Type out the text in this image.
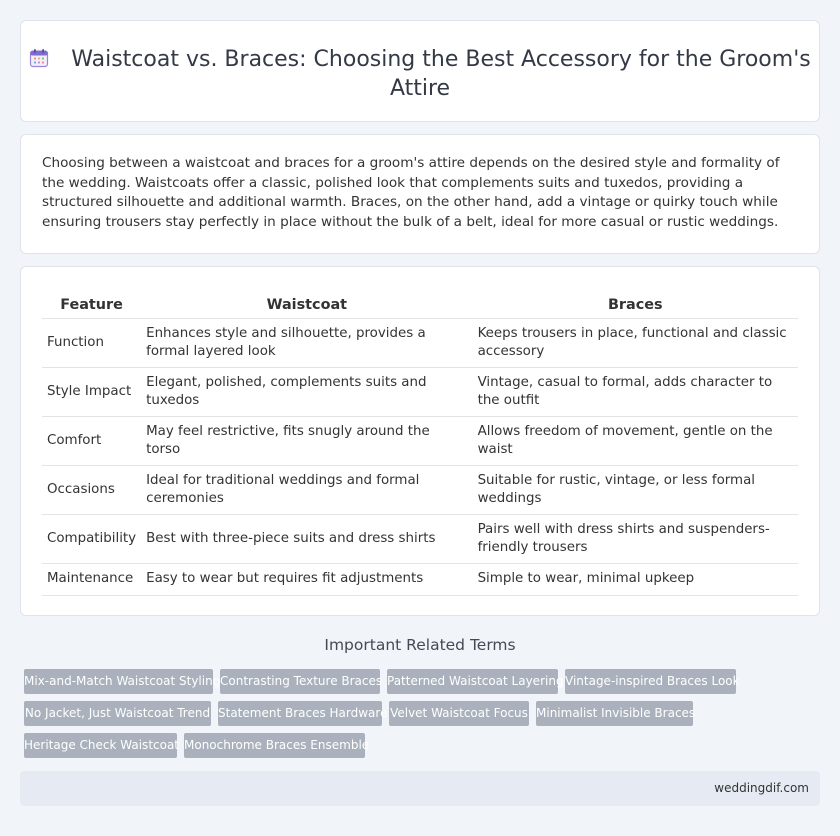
Waistcoat vs. Braces: Choosing the Best Accessory for the Groom's Attire

Choosing between a waistcoat and braces for a groom's attire depends on the desired style and formality of the wedding. Waistcoats offer a classic, polished look that complements suits and tuxedos, providing a structured silhouette and additional warmth. Braces, on the other hand, add a vintage or quirky touch while ensuring trousers stay perfectly in place without the bulk of a belt, ideal for more casual or rustic weddings.

Feature	Waistcoat	Braces
Function	Enhances style and silhouette, provides a formal layered look	Keeps trousers in place, functional and classic accessory
Style Impact	Elegant, polished, complements suits and tuxedos	Vintage, casual to formal, adds character to the outfit
Comfort	May feel restrictive, fits snugly around the torso	Allows freedom of movement, gentle on the waist
Occasions	Ideal for traditional weddings and formal ceremonies	Suitable for rustic, vintage, or less formal weddings
Compatibility	Best with three-piece suits and dress shirts	Pairs well with dress shirts and suspenders-friendly trousers
Maintenance	Easy to wear but requires fit adjustments	Simple to wear, minimal upkeep
Important Related Terms
Mix-and-Match Waistcoat Styling Contrasting Texture Braces Patterned Waistcoat Layering Vintage-inspired Braces Look
No Jacket, Just Waistcoat Trend Statement Braces Hardware Velvet Waistcoat Focus Minimalist Invisible Braces
Heritage Check Waistcoat Monochrome Braces Ensemble
weddingdif.com
